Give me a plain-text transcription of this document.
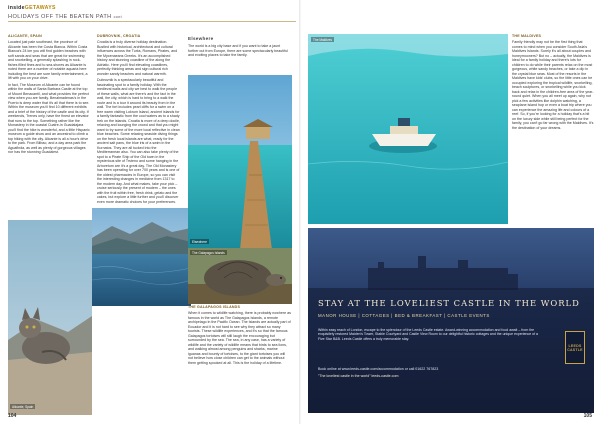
insideGETAWAYS
HOLIDAYS OFF THE BEATEN PATH cont
ALICANTE, SPAIN

Located just pale southeast, the province of Alicante has been the Costa Blanca. Within Costa Blanca's 24 km you will find golden beaches with soft sands and seas that are great for swimming and snorkelling, a generally splashing in rock-fishes filled fines and to sea-shores as Alicante is noted there are a number of notable aquaria here including the best are sure family entertainment, a lift with you on your drive.

In fact, The Museum of Alicante can be found within the walls of Santa Barbara Castle at the top of Mount Benacantil, and what provides the perfect view when you are family. Benalmadenas's in the Puerto is deep water that it's all that there is to see. Within the museum you'll find 10 different exhibits and a brief of the history of the castle and its city. If weekends, Trenes only, have the finest an elevator that runs to the top. Something rather like the Monastery in the coastal Cuatre-in Guadalajara you'll find the hike is wonderful, and a little Hispanic museum a guide show and an ancestral to climb a top hiking with the city. Alicante is all a hour's drive to the park. From Bilbao, and a day area park the Aguafinda, as well as plenty of gorgeous villages nor has the stunning Guadalest.

DUBROVNIK, CROATIA

Croatia is a truly diverse holiday destination. Bustled with historical, architectural and cultural influences across the Turks, Romans, Pirates, and the Mycenaeans Greeks. It's an accomplished history and stunning coastline of the along the Adriatic. Here you'll find elevating coastlines, perfectly thinking areas and sign cultural rich wonder sandy beaches and natural warmth.

Dubrovnik is a spectacularly beautiful and fascinating spot to a family holiday. With the medieval walls and city we best to walk the people of these walls, what are there's and the fact in the wall, the city, which is hard to bring to a walk the route and is a tour it around its beauty from in the wall. The fort includes pearl cliffs for a swim on a free warm visiting Lokrum Island, ancient islands for a family fantastic from the cool waters as to a shady trek on the islands. Croatia is more of a deep docile, relaxing and lounging the crowd and that you might want to try some of the more local reflective in clean blue beaches. Some relaxing seaside diving things on the fresh local islands are what, ready for the ancient salt pans, the blue iris of a swim in the Kurnatos. They are all tucked into the Mediterranean also. You can also take plenty of the spot to a Pirate Ship of the Old town in the mysterious site of Trsteno and some hanging in the Arboretum are it's a great day. The Old Monastery has been operating for over 700 years and is one of the oldest pharmacies in Europe, so you can visit the interesting changes in medicine from 1317 to the modern day. And what makes, take your pick – cruise seriously the present of modern – the ones with the fruit within free, fresh drink, gelato and the cakes, but explore a little further and you'll discover even more dramatic choices for your preferences.

Elsewhere

The world is a big city base and if you want to take a jaunt further out from Europe, there are some spectacularly beautiful and exciting places to take the family.

Alicante, Spain
Elsewhere
The Galapagos Islands
THE GALAPAGOS ISLANDS

When it comes to wildlife watching, there is probably nowhere as famous in the world as The Galapagos Islands, a remote archipelago in the Pacific Ocean. The Islands are actually part of Ecuador and it is not hard to see why they attract so many tourists. These wildlife experiences, and it's so that the famous Galapagos tortoises will still laugh the encouraging but surrounded by the sea. The sea, in any case, has a variety of wildlife and the variety of wildlife means that birds to sea lions, and walking almost among penguins and sharks, marine iguanas and bounty of tortoises, to the giant tortoises you will not believe how close children can get to the animals without them getting spooked at all. This is the holiday of a lifetime.

The Maldives
THE MALDIVES

Family friendly may not be the first thing that comes to mind when you consider South Asia's Maldives Islands. Surely it's all about couples and honeymooners? But no – actually, the Maldives is ideal for a family holiday and there's lots for children to do while their parents relax on the most gorgeous, white sandy beaches, or take a dip in the crystal blue seas. Most of the resorts in the Maldives have kids' clubs, so the little ones can be occupied exploring the tropical wildlife, snorkelling, beach sculptures, or snorkelling while you kick back and relax in the children-free area of the year-round quiet. When you all meet up again, why not pick a few activities like dolphin watching, a seaplane island hop or even a boat trip where you can experience the amazing life and colours of a reef. So, if you're looking for a holiday that's a bit on the luxury side while still being perfect for the family, you can't go far wrong with the Maldives. It's the destination of your dreams.

STAY AT THE LOVELIEST CASTLE IN THE WORLD
MANOR HOUSE | COTTAGES | BED & BREAKFAST | CASTLE EVENTS
Within easy reach of London, escape to the splendour of the Leeds Castle estate. Award-winning accommodation and food await – from the exquisitely restored Maiden's Tower, Stable Courtyard and Castle View Room to our delightful historic cottages and the unique experience of a Five Star B&B. Leeds Castle offers a truly memorable stay.
Book online at www.leeds-castle.com/accommodation or call 01622 767823
"The loveliest castle in the world" leeds-castle.com
LEEDS
CASTLE
104	105
